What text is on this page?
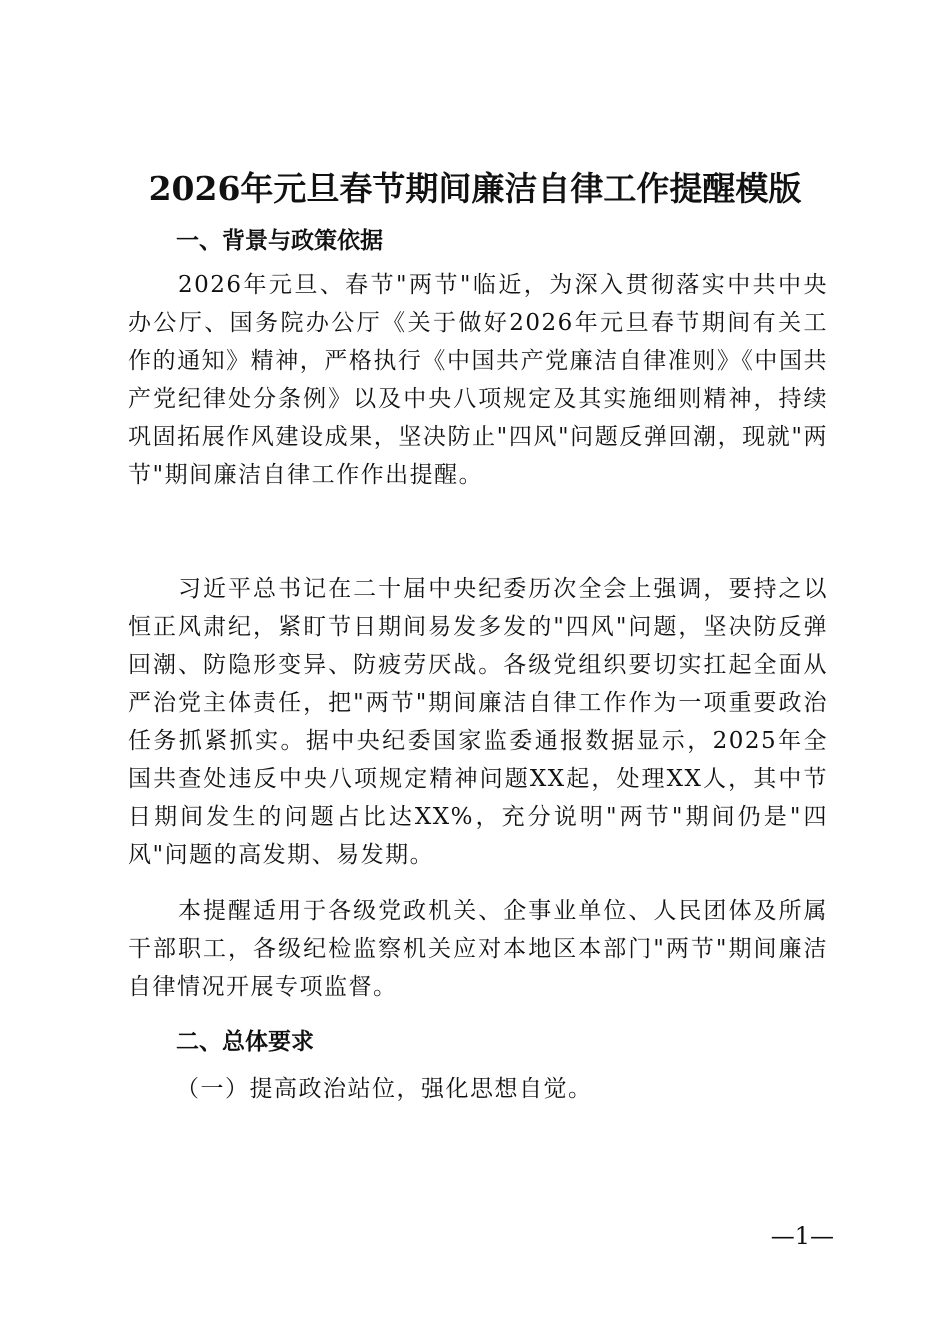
2026年元旦春节期间廉洁自律工作提醒模版
一、背景与政策依据
2026年元旦、春节"两节"临近，为深入贯彻落实中共中央办公厅、国务院办公厅《关于做好2026年元旦春节期间有关工作的通知》精神，严格执行《中国共产党廉洁自律准则》《中国共产党纪律处分条例》以及中央八项规定及其实施细则精神，持续巩固拓展作风建设成果，坚决防止"四风"问题反弹回潮，现就"两节"期间廉洁自律工作作出提醒。
习近平总书记在二十届中央纪委历次全会上强调，要持之以恒正风肃纪，紧盯节日期间易发多发的"四风"问题，坚决防反弹回潮、防隐形变异、防疲劳厌战。各级党组织要切实扛起全面从严治党主体责任，把"两节"期间廉洁自律工作作为一项重要政治任务抓紧抓实。据中央纪委国家监委通报数据显示，2025年全国共查处违反中央八项规定精神问题XX起，处理XX人，其中节日期间发生的问题占比达XX%，充分说明"两节"期间仍是"四风"问题的高发期、易发期。
本提醒适用于各级党政机关、企事业单位、人民团体及所属干部职工，各级纪检监察机关应对本地区本部门"两节"期间廉洁自律情况开展专项监督。
二、总体要求
（一）提高政治站位，强化思想自觉。
—1—
